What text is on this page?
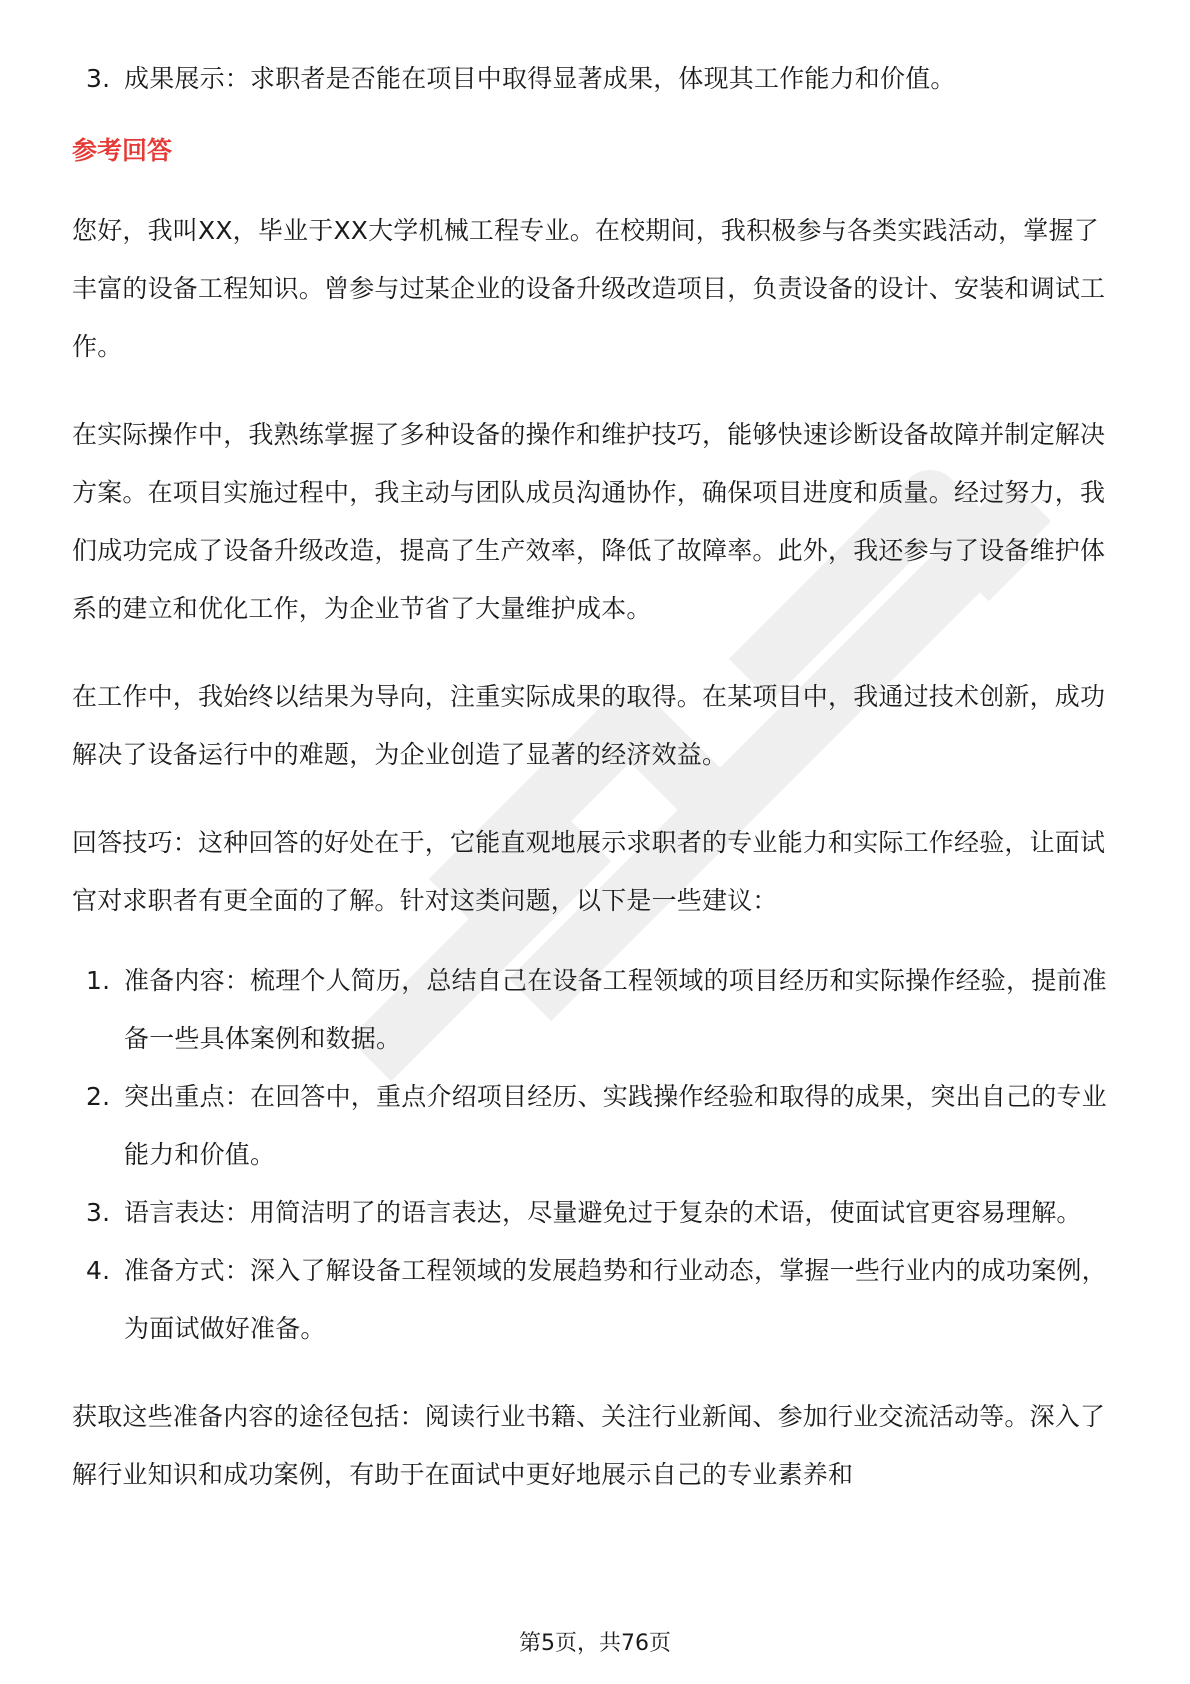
3. 成果展示：求职者是否能在项目中取得显著成果，体现其工作能力和价值。
参考回答

您好，我叫XX，毕业于XX大学机械工程专业。在校期间，我积极参与各类实践活动，掌握了丰富的设备工程知识。曾参与过某企业的设备升级改造项目，负责设备的设计、安装和调试工作。

在实际操作中，我熟练掌握了多种设备的操作和维护技巧，能够快速诊断设备故障并制定解决方案。在项目实施过程中，我主动与团队成员沟通协作，确保项目进度和质量。经过努力，我们成功完成了设备升级改造，提高了生产效率，降低了故障率。此外，我还参与了设备维护体系的建立和优化工作，为企业节省了大量维护成本。

在工作中，我始终以结果为导向，注重实际成果的取得。在某项目中，我通过技术创新，成功解决了设备运行中的难题，为企业创造了显著的经济效益。

回答技巧：这种回答的好处在于，它能直观地展示求职者的专业能力和实际工作经验，让面试官对求职者有更全面的了解。针对这类问题，以下是一些建议：

1. 准备内容：梳理个人简历，总结自己在设备工程领域的项目经历和实际操作经验，提前准备一些具体案例和数据。
2. 突出重点：在回答中，重点介绍项目经历、实践操作经验和取得的成果，突出自己的专业能力和价值。
3. 语言表达：用简洁明了的语言表达，尽量避免过于复杂的术语，使面试官更容易理解。
4. 准备方式：深入了解设备工程领域的发展趋势和行业动态，掌握一些行业内的成功案例，为面试做好准备。

获取这些准备内容的途径包括：阅读行业书籍、关注行业新闻、参加行业交流活动等。深入了解行业知识和成功案例，有助于在面试中更好地展示自己的专业素养和

第5页，共76页
